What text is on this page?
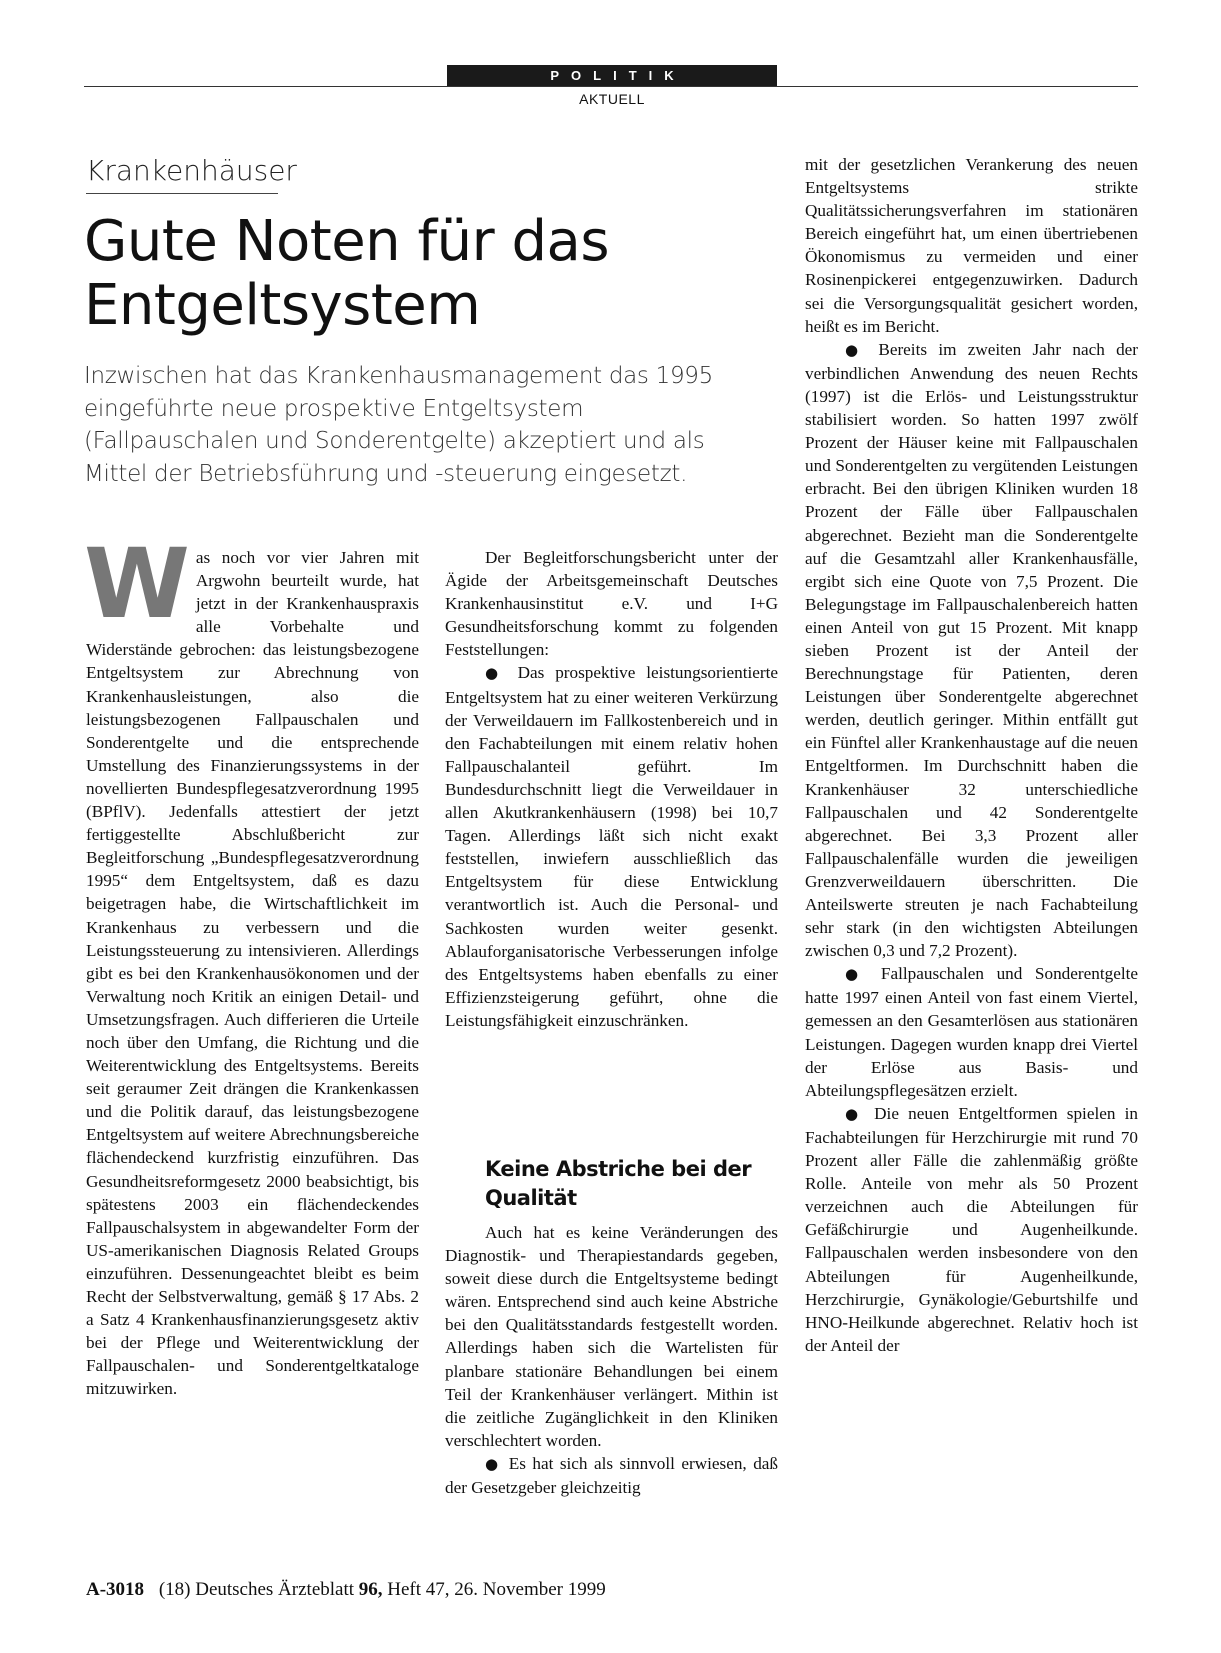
POLITIK
AKTUELL
Krankenhäuser
Gute Noten für das Entgeltsystem

Inzwischen hat das Krankenhausmanagement das 1995 eingeführte neue prospektive Entgeltsystem (Fallpauschalen und Sonderentgelte) akzeptiert und als Mittel der Betriebsführung und -steuerung eingesetzt.

W as noch vor vier Jahren mit Argwohn beurteilt wurde, hat jetzt in der Krankenhauspraxis alle Vorbehalte und Widerstände gebrochen: das leistungsbezogene Entgeltsystem zur Abrechnung von Krankenhausleistungen, also die leistungsbezogenen Fallpauschalen und Sonderentgelte und die entsprechende Umstellung des Finanzierungssystems in der novellierten Bundespflegesatzverordnung 1995 (BPflV). Jedenfalls attestiert der jetzt fertiggestellte Abschlußbericht zur Begleitforschung „Bundespflegesatzverordnung 1995“ dem Entgeltsystem, daß es dazu beigetragen habe, die Wirtschaftlichkeit im Krankenhaus zu verbessern und die Leistungssteuerung zu intensivieren. Allerdings gibt es bei den Krankenhausökonomen und der Verwaltung noch Kritik an einigen Detail- und Umsetzungsfragen. Auch differieren die Urteile noch über den Umfang, die Richtung und die Weiterentwicklung des Entgeltsystems. Bereits seit geraumer Zeit drängen die Krankenkassen und die Politik darauf, das leistungsbezogene Entgeltsystem auf weitere Abrechnungsbereiche flächendeckend kurzfristig einzuführen. Das Gesundheitsreformgesetz 2000 beabsichtigt, bis spätestens 2003 ein flächendeckendes Fallpauschalsystem in abgewandelter Form der US-amerikanischen Diagnosis Related Groups einzuführen. Dessenungeachtet bleibt es beim Recht der Selbstverwaltung, gemäß § 17 Abs. 2 a Satz 4 Krankenhausfinanzierungsgesetz aktiv bei der Pflege und Weiterentwicklung der Fallpauschalen- und Sonderentgeltkataloge mitzuwirken.

Der Begleitforschungsbericht unter der Ägide der Arbeitsgemeinschaft Deutsches Krankenhausinstitut e.V. und I+G Gesundheitsforschung kommt zu folgenden Feststellungen:

● Das prospektive leistungsorientierte Entgeltsystem hat zu einer weiteren Verkürzung der Verweildauern im Fallkostenbereich und in den Fachabteilungen mit einem relativ hohen Fallpauschalanteil geführt. Im Bundesdurchschnitt liegt die Verweildauer in allen Akutkrankenhäusern (1998) bei 10,7 Tagen. Allerdings läßt sich nicht exakt feststellen, inwiefern ausschließlich das Entgeltsystem für diese Entwicklung verantwortlich ist. Auch die Personal- und Sachkosten wurden weiter gesenkt. Ablauforganisatorische Verbesserungen infolge des Entgeltsystems haben ebenfalls zu einer Effizienzsteigerung geführt, ohne die Leistungsfähigkeit einzuschränken.

Keine Abstriche bei der Qualität

Auch hat es keine Veränderungen des Diagnostik- und Therapiestandards gegeben, soweit diese durch die Entgeltsysteme bedingt wären. Entsprechend sind auch keine Abstriche bei den Qualitätsstandards festgestellt worden. Allerdings haben sich die Wartelisten für planbare stationäre Behandlungen bei einem Teil der Krankenhäuser verlängert. Mithin ist die zeitliche Zugänglichkeit in den Kliniken verschlechtert worden.

● Es hat sich als sinnvoll erwiesen, daß der Gesetzgeber gleichzeitig

mit der gesetzlichen Verankerung des neuen Entgeltsystems strikte Qualitätssicherungsverfahren im stationären Bereich eingeführt hat, um einen übertriebenen Ökonomismus zu vermeiden und einer Rosinenpickerei entgegenzuwirken. Dadurch sei die Versorgungsqualität gesichert worden, heißt es im Bericht.

● Bereits im zweiten Jahr nach der verbindlichen Anwendung des neuen Rechts (1997) ist die Erlös- und Leistungsstruktur stabilisiert worden. So hatten 1997 zwölf Prozent der Häuser keine mit Fallpauschalen und Sonderentgelten zu vergütenden Leistungen erbracht. Bei den übrigen Kliniken wurden 18 Prozent der Fälle über Fallpauschalen abgerechnet. Bezieht man die Sonderentgelte auf die Gesamtzahl aller Krankenhausfälle, ergibt sich eine Quote von 7,5 Prozent. Die Belegungstage im Fallpauschalenbereich hatten einen Anteil von gut 15 Prozent. Mit knapp sieben Prozent ist der Anteil der Berechnungstage für Patienten, deren Leistungen über Sonderentgelte abgerechnet werden, deutlich geringer. Mithin entfällt gut ein Fünftel aller Krankenhaustage auf die neuen Entgeltformen. Im Durchschnitt haben die Krankenhäuser 32 unterschiedliche Fallpauschalen und 42 Sonderentgelte abgerechnet. Bei 3,3 Prozent aller Fallpauschalenfälle wurden die jeweiligen Grenzverweildauern überschritten. Die Anteilswerte streuten je nach Fachabteilung sehr stark (in den wichtigsten Abteilungen zwischen 0,3 und 7,2 Prozent).

● Fallpauschalen und Sonderentgelte hatte 1997 einen Anteil von fast einem Viertel, gemessen an den Gesamterlösen aus stationären Leistungen. Dagegen wurden knapp drei Viertel der Erlöse aus Basis- und Abteilungspflegesätzen erzielt.

● Die neuen Entgeltformen spielen in Fachabteilungen für Herzchirurgie mit rund 70 Prozent aller Fälle die zahlenmäßig größte Rolle. Anteile von mehr als 50 Prozent verzeichnen auch die Abteilungen für Gefäßchirurgie und Augenheilkunde. Fallpauschalen werden insbesondere von den Abteilungen für Augenheilkunde, Herzchirurgie, Gynäkologie/Geburtshilfe und HNO-Heilkunde abgerechnet. Relativ hoch ist der Anteil der

A-3018 (18) Deutsches Ärzteblatt 96, Heft 47, 26. November 1999
